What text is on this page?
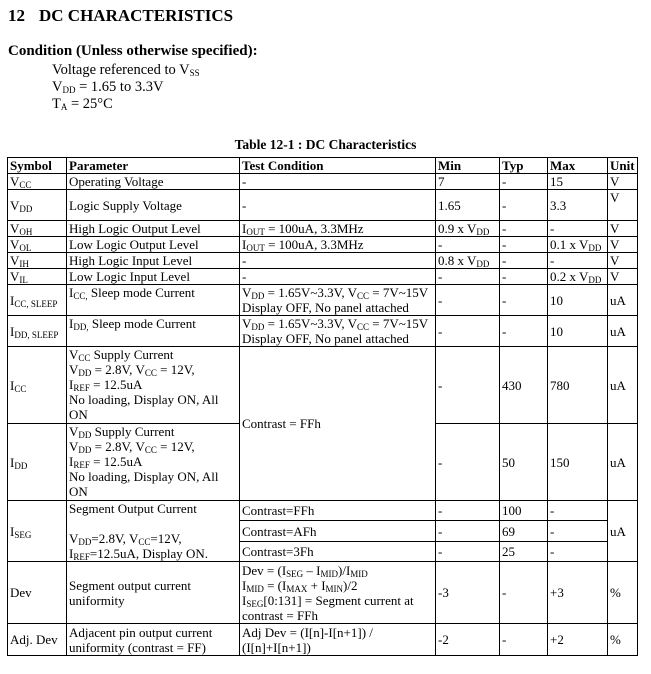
12 DC CHARACTERISTICS
Condition (Unless otherwise specified):
Voltage referenced to $V_{SS}$
$V_{DD} = 1.65$ to 3.3V
$T_A = 25^\circ C$
Table 12-1 : DC Characteristics
Symbol	Parameter	Test Condition	Min	Typ	Max	Unit
$V_{CC}$	Operating Voltage	-	7	-	15	V
$V_{DD}$	Logic Supply Voltage	-	1.65	-	3.3	V
$V_{OH}$	High Logic Output Level	$I_{OUT} = 100uA$, 3.3MHz	0.9 x $V_{DD}$	-	-	V
$V_{OL}$	Low Logic Output Level	$I_{OUT} = 100uA$, 3.3MHz	-	-	0.1 x $V_{DD}$	V
$V_{IH}$	High Logic Input Level	-	0.8 x $V_{DD}$	-	-	V
$V_{IL}$	Low Logic Input Level	-	-	-	0.2 x $V_{DD}$	V
$I_{CC, SLEEP}$	$I_{CC,}$ Sleep mode Current	$V_{DD}$ = 1.65V~3.3V, $V_{CC}$ = 7V~15V
Display OFF, No panel attached	-	-	10	uA
$I_{DD, SLEEP}$	$I_{DD,}$ Sleep mode Current	$V_{DD}$ = 1.65V~3.3V, $V_{CC}$ = 7V~15V
Display OFF, No panel attached	-	-	10	uA
$I_{CC}$	$V_{CC}$ Supply Current
$V_{DD} = 2.8V$, $V_{CC} = 12V$,
$I_{REF} = 12.5uA$
No loading, Display ON, All
ON	Contrast = FFh	-	430	780	uA
$I_{DD}$	$V_{DD}$ Supply Current
$V_{DD} = 2.8V$, $V_{CC} = 12V$,
$I_{REF} = 12.5uA$
No loading, Display ON, All
ON		-	50	150	uA
$I_{SEG}$	Segment Output Current
$V_{DD}=2.8V$, $V_{CC}=12V$,
$I_{REF}=12.5uA$, Display ON.	Contrast=FFh	-	100	-	uA
		Contrast=AFh	-	69	-	
		Contrast=3Fh	-	25	-	
Dev	Segment output current uniformity	Dev = $(I_{SEG} - I_{MID})/I_{MID}$
$I_{MID} = (I_{MAX} + I_{MIN})/2$
$I_{SEG}[0:131]$ = Segment current at
contrast = FFh	-3	-	+3	%
Adj. Dev	Adjacent pin output current uniformity (contrast = FF)	Adj Dev = (I[n]-I[n+1]) /
(I[n]+I[n+1])	-2	-	+2	%
